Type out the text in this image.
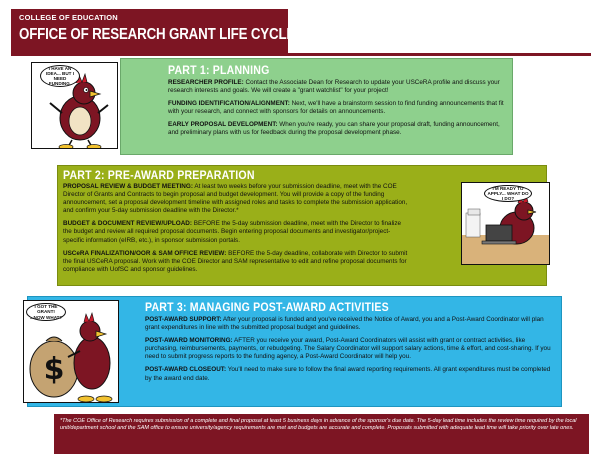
COLLEGE OF EDUCATION
OFFICE OF RESEARCH GRANT LIFE CYCLE PROCESS
PART 1: PLANNING

RESEARCHER PROFILE: Contact the Associate Dean for Research to update your USCeRA profile and discuss your research interests and goals. We will create a "grant watchlist" for your project!

FUNDING IDENTIFICATION/ALIGNMENT: Next, we'll have a brainstorm session to find funding announcements that fit with your research, and connect with sponsors for details on announcements.

EARLY PROPOSAL DEVELOPMENT: When you're ready, you can share your proposal draft, funding announcement, and preliminary plans with us for feedback during the proposal development phase.

I HAVE AN IDEA... BUT I NEED FUNDING.
PART 2: PRE-AWARD PREPARATION

PROPOSAL REVIEW & BUDGET MEETING: At least two weeks before your submission deadline, meet with the COE Director of Grants and Contracts to begin proposal and budget development. You will provide a copy of the funding announcement, set a proposal development timeline with assigned roles and tasks to complete the submission application, and confirm your 5-day submission deadline with the Director.*

BUDGET & DOCUMENT REVIEW/UPLOAD: BEFORE the 5-day submission deadline, meet with the Director to finalize the budget and review all required proposal documents. Begin entering proposal documents and investigator/project-specific information (eIRB, etc.), in sponsor submission portals.

USCeRA FINALIZATION/OOR & SAM OFFICE REVIEW: BEFORE the 5-day deadline, collaborate with Director to submit the final USCeRA proposal. Work with the COE Director and SAM representative to edit and refine proposal documents for compliance with UofSC and sponsor guidelines.

I'M READY TO APPLY... WHAT DO I DO?
PART 3: MANAGING POST-AWARD ACTIVITIES

POST-AWARD SUPPORT: After your proposal is funded and you've received the Notice of Award, you and a Post-Award Coordinator will plan grant expenditures in line with the submitted proposal budget and guidelines.

POST-AWARD MONITORING: AFTER you receive your award, Post-Award Coordinators will assist with grant or contract activities, like purchasing, reimbursements, payments, or rebudgeting. The Salary Coordinator will support salary actions, time & effort, and cost-sharing. If you need to submit progress reports to the funding agency, a Post-Award Coordinator will help you.

POST-AWARD CLOSEOUT: You'll need to make sure to follow the final award reporting requirements. All grant expenditures must be completed by the award end date.

$
I GOT THE GRANT! ...NOW WHAT?
*The COE Office of Research requires submission of a complete and final proposal at least 5 business days in advance of the sponsor's due date. The 5-day lead time includes the review time required by the local unit/department school and the SAM office to ensure university/agency requirements are met and budgets are accurate and complete. Proposals submitted with adequate lead time will take priority over late ones.
